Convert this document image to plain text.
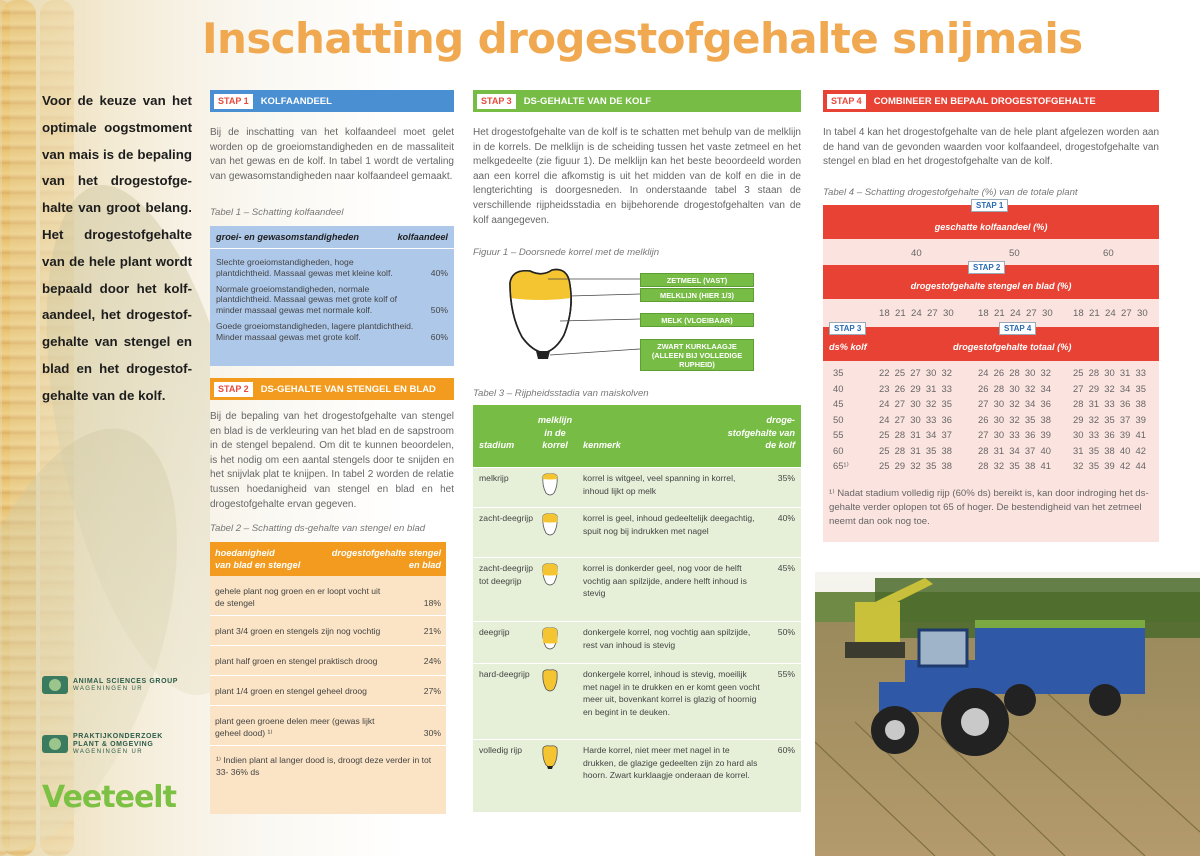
Inschatting drogestofgehalte snijmais
Voor de keuze van het optimale oogstmoment van mais is de bepaling van het drogestofge-halte van groot belang. Het drogestofgehalte van de hele plant wordt bepaald door het kolf-aandeel, het drogestof-gehalte van stengel en blad en het drogestof-gehalte van de kolf.
ANIMAL SCIENCES GROUP
WAGENINGEN UR
PRAKTIJKONDERZOEK
PLANT & OMGEVING
WAGENINGEN UR
Veeteelt
STAP 1	KOLFAANDEEL
Bij de inschatting van het kolfaandeel moet gelet worden op de groeiomstandigheden en de massaliteit van het gewas en de kolf. In tabel 1 wordt de vertaling van gewasomstandigheden naar kolfaandeel gemaakt.
Tabel 1 – Schatting kolfaandeel
groei- en gewasomstandigheden	kolfaandeel
Slechte groeiomstandigheden, hoge plantdichtheid. Massaal gewas met kleine kolf.	40%
Normale groeiomstandigheden, normale plantdichtheid. Massaal gewas met grote kolf of minder massaal gewas met normale kolf.	50%
Goede groeiomstandigheden, lagere plantdichtheid. Minder massaal gewas met grote kolf.	60%
STAP 2	DS-GEHALTE VAN STENGEL EN BLAD
Bij de bepaling van het drogestofgehalte van stengel en blad is de verkleuring van het blad en de sapstroom in de stengel bepalend. Om dit te kunnen beoordelen, is het nodig om een aantal stengels door te snijden en het snijvlak plat te knijpen. In tabel 2 worden de relatie tussen hoedanigheid van stengel en blad en het drogestofgehalte ervan gegeven.
Tabel 2 – Schatting ds-gehalte van stengel en blad
hoedanigheid
van blad en stengel
drogestofgehalte stengel
en blad
gehele plant nog groen en er loopt vocht uit de stengel	18%
plant 3/4 groen en stengels zijn nog vochtig	21%
plant half groen en stengel praktisch droog	24%
plant 1/4 groen en stengel geheel droog	27%
plant geen groene delen meer (gewas lijkt geheel dood) ¹⁾	30%
¹⁾ Indien plant al langer dood is, droogt deze verder in tot 33- 36% ds
STAP 3	DS-GEHALTE VAN DE KOLF
Het drogestofgehalte van de kolf is te schatten met behulp van de melklijn in de korrels. De melklijn is de scheiding tussen het vaste zetmeel en het melkgedeelte (zie figuur 1). De melklijn kan het beste beoordeeld worden aan een korrel die afkomstig is uit het midden van de kolf en die in de lengterichting is doorgesneden. In onderstaande tabel 3 staan de verschillende rijpheidsstadia en bijbehorende drogestofgehalten van de kolf aangegeven.
Figuur 1 – Doorsnede korrel met de melklijn
ZETMEEL (VAST)
MELKLIJN (HIER 1/3)
MELK (VLOEIBAAR)
ZWART KURKLAAGJE (ALLEEN BIJ VOLLEDIGE RUPHEID)
Tabel 3 – Rijpheidsstadia van maiskolven
stadium
melklijn in de korrel	kenmerk
droge-stofgehalte van de kolf
melkrijp	korrel is witgeel, veel spanning in korrel, inhoud lijkt op melk
35%
zacht-deegrijp	korrel is geel, inhoud gedeeltelijk deegachtig, spuit nog bij indrukken met nagel
40%
zacht-deegrijp tot deegrijp
korrel is donkerder geel, nog voor de helft vochtig aan spilzijde, andere helft inhoud is stevig
45%
deegrijp	donkergele korrel, nog vochtig aan spilzijde, rest van inhoud is stevig
50%
hard-deegrijp	donkergele korrel, inhoud is stevig, moeilijk met nagel in te drukken en er komt geen vocht meer uit, bovenkant korrel is glazig of hoornig en begint in te deuken.
55%
volledig rijp	Harde korrel, niet meer met nagel in te drukken, de glazige gedeelten zijn zo hard als hoorn. Zwart kurklaagje onderaan de korrel.
60%
STAP 4	COMBINEER EN BEPAAL DROGESTOFGEHALTE
In tabel 4 kan het drogestofgehalte van de hele plant afgelezen worden aan de hand van de gevonden waarden voor kolfaandeel, drogestofgehalte van stengel en blad en het drogestofgehalte van de kolf.
Tabel 4 – Schatting drogestofgehalte (%) van de totale plant
geschatte kolfaandeel (%)
STAP 1
40	50	60
drogestofgehalte stengel en blad (%)
STAP 2
18  21  24  27  30	18  21  24  27  30 18  21  24  27  30
ds% kolf	drogestofgehalte totaal (%)
STAP 3	STAP 4
35	22  25  27  30  32	24  26  28  30  32 25  28  30  31  33
40	23  26  29  31  33	26  28  30  32  34 27  29  32  34  35
45	24  27  30  32  35	27  30  32  34  36 28  31  33  36  38
50	24  27  30  33  36	26  30  32  35  38 29  32  35  37  39
55	25  28  31  34  37	27  30  33  36  39 30  33  36  39  41
60	25  28  31  35  38	28  31  34  37  40 31  35  38  40  42
65¹⁾	25  29  32  35  38	28  32  35  38  41 32  35  39  42  44
¹⁾ Nadat stadium volledig rijp (60% ds) bereikt is, kan door indroging het ds-gehalte verder oplopen tot 65 of hoger. De bestendigheid van het zetmeel neemt dan ook nog toe.
